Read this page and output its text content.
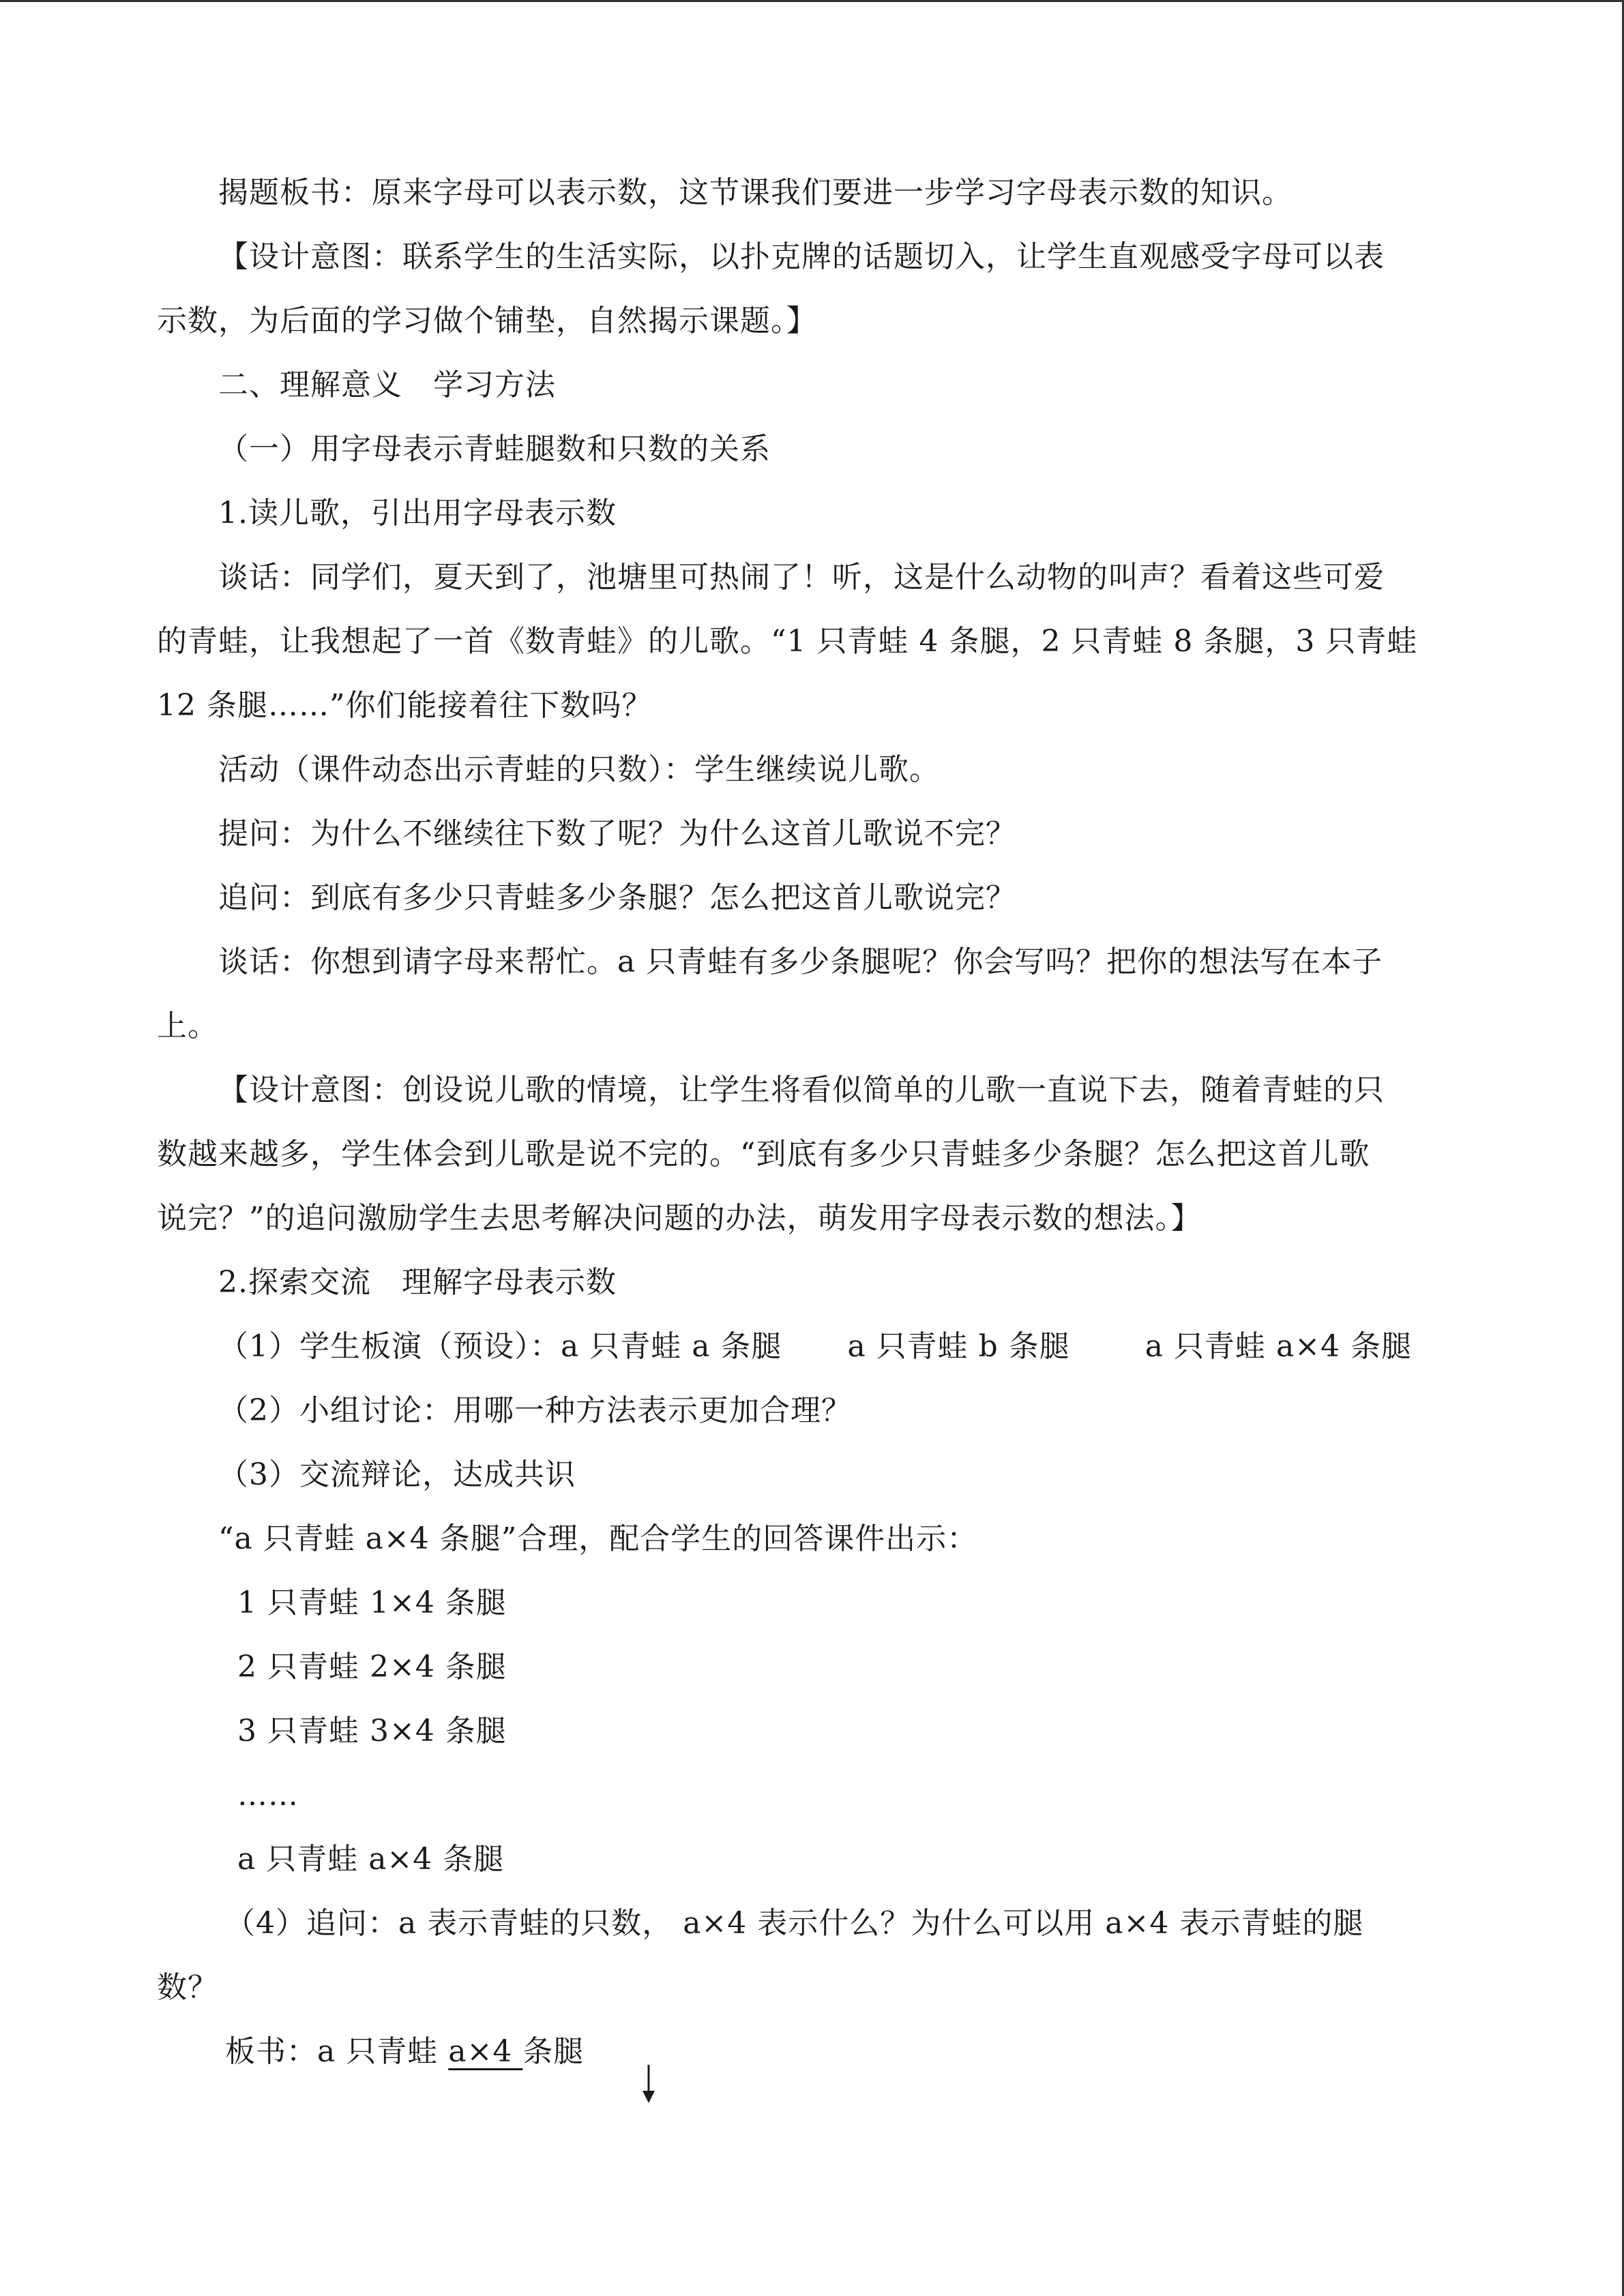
揭题板书：原来字母可以表示数，这节课我们要进一步学习字母表示数的知识。
【设计意图：联系学生的生活实际，以扑克牌的话题切入，让学生直观感受字母可以表
示数，为后面的学习做个铺垫，自然揭示课题。】
二、理解意义　学习方法
（一）用字母表示青蛙腿数和只数的关系
1.读儿歌，引出用字母表示数
谈话：同学们，夏天到了，池塘里可热闹了！听，这是什么动物的叫声？看着这些可爱
的青蛙，让我想起了一首《数青蛙》的儿歌。“1 只青蛙 4 条腿，2 只青蛙 8 条腿，3 只青蛙
12 条腿……”你们能接着往下数吗？
活动（课件动态出示青蛙的只数）：学生继续说儿歌。
提问：为什么不继续往下数了呢？为什么这首儿歌说不完？
追问：到底有多少只青蛙多少条腿？怎么把这首儿歌说完？
谈话：你想到请字母来帮忙。a 只青蛙有多少条腿呢？你会写吗？把你的想法写在本子
上。
【设计意图：创设说儿歌的情境，让学生将看似简单的儿歌一直说下去，随着青蛙的只
数越来越多，学生体会到儿歌是说不完的。“到底有多少只青蛙多少条腿？怎么把这首儿歌
说完？”的追问激励学生去思考解决问题的办法，萌发用字母表示数的想法。】
2.探索交流　理解字母表示数
（1）学生板演（预设）：a 只青蛙 a 条腿 a 只青蛙 b 条腿	a 只青蛙 a×4 条腿
（2）小组讨论：用哪一种方法表示更加合理？
（3）交流辩论，达成共识
“a 只青蛙 a×4 条腿”合理，配合学生的回答课件出示：
1 只青蛙 1×4 条腿
2 只青蛙 2×4 条腿
3 只青蛙 3×4 条腿
……
a 只青蛙 a×4 条腿
（4）追问：a 表示青蛙的只数， a×4 表示什么？为什么可以用 a×4 表示青蛙的腿
数？
板书：a 只青蛙 a×4 条腿
